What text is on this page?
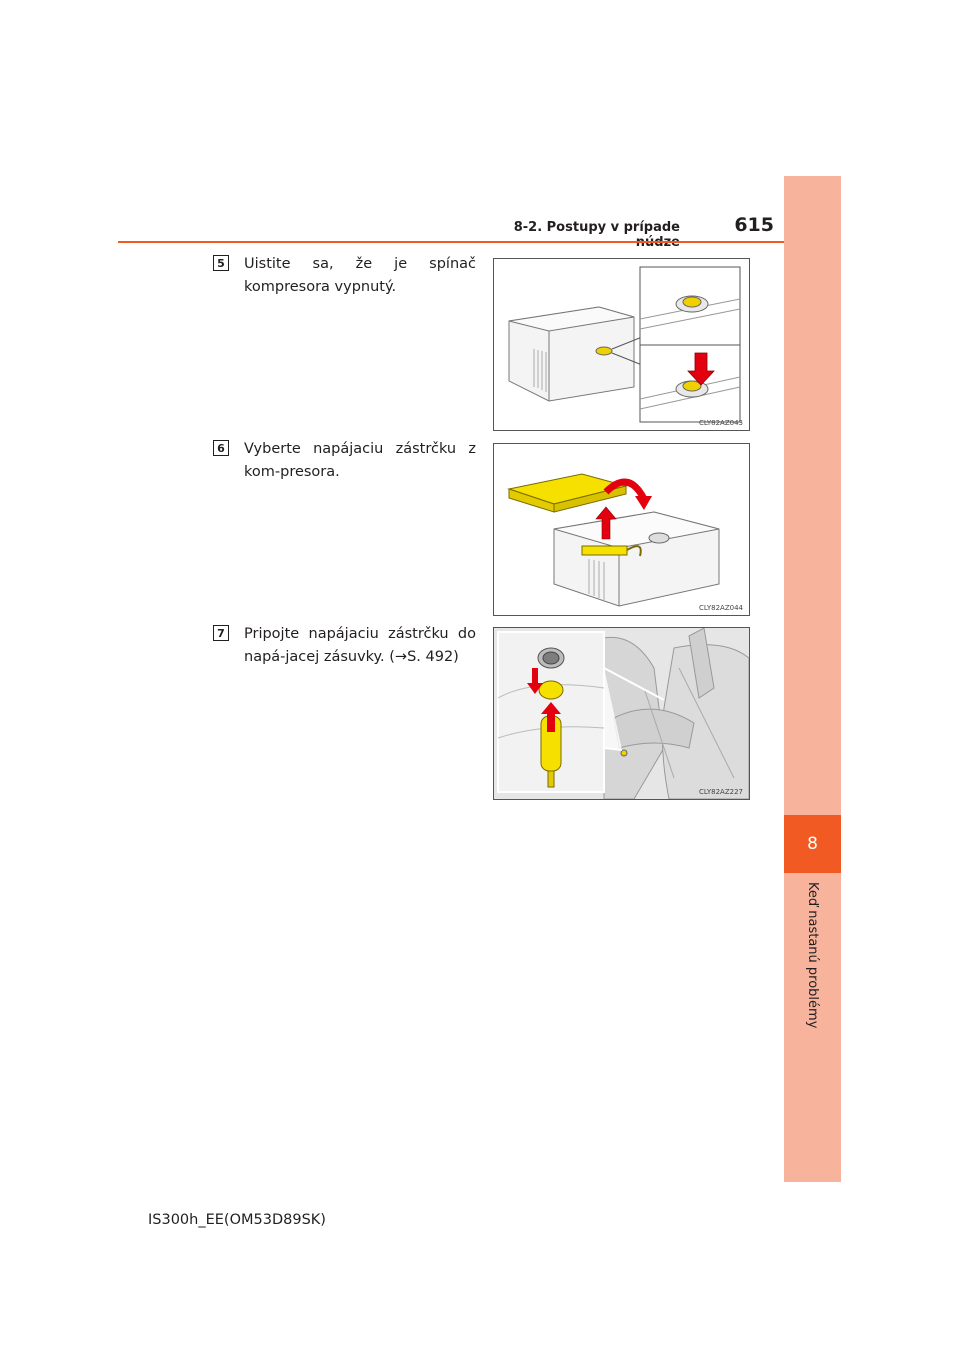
8-2. Postupy v prípade	615
8
Keď nastanú problémy
5 Uistite sa, že je spínač kompresora vypnutý.
CLY82AZ043
6 Vyberte napájaciu zástrčku z kom-presora.
CLY82AZ044
7 Pripojte napájaciu zástrčku do napá-jacej zásuvky. (→S. 492)
CLY82AZ227
IS300h_EE(OM53D89SK)
